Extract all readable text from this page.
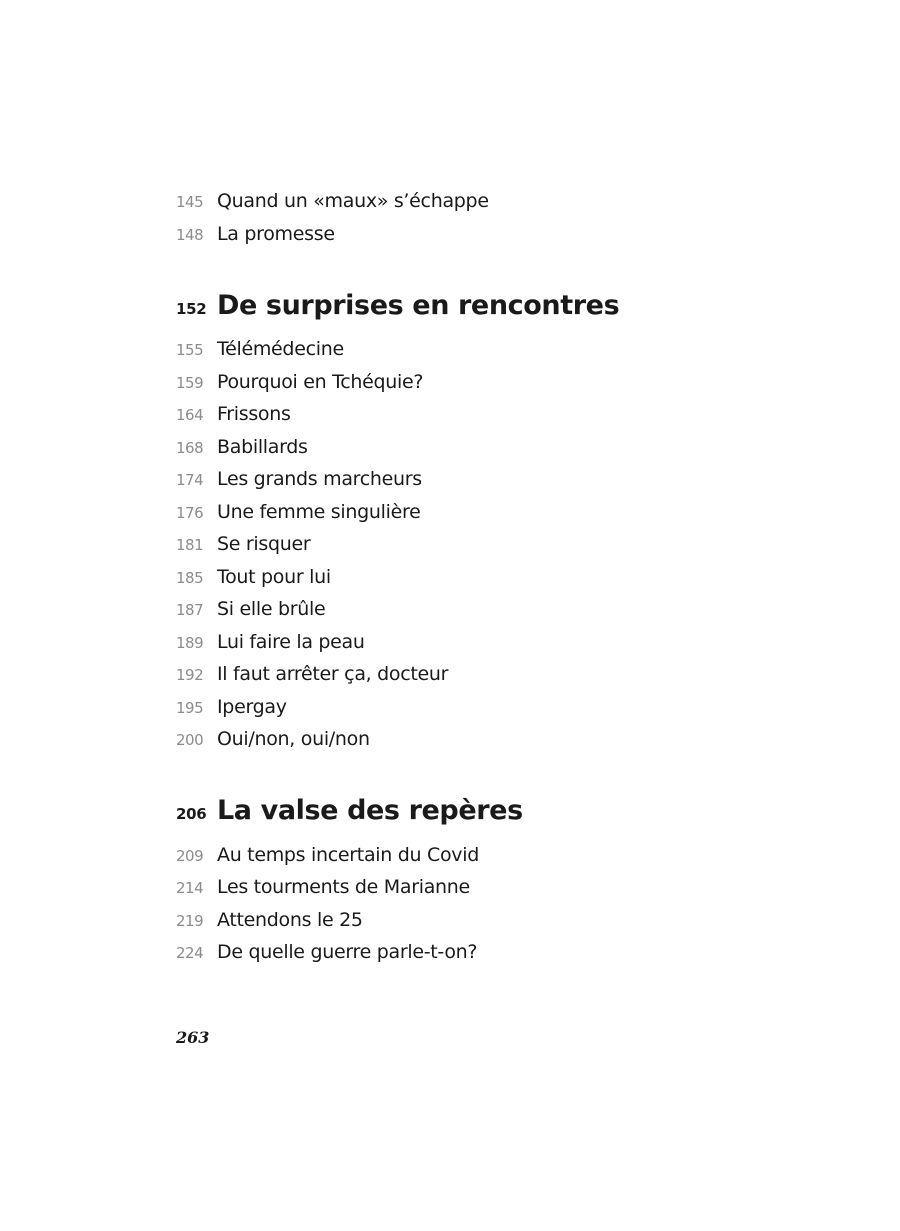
145 Quand un «maux» s’échappe
148 La promesse
152 De surprises en rencontres
155 Télémédecine
159 Pourquoi en Tchéquie?
164 Frissons
168 Babillards
174 Les grands marcheurs
176 Une femme singulière
181 Se risquer
185 Tout pour lui
187 Si elle brûle
189 Lui faire la peau
192 Il faut arrêter ça, docteur
195 Ipergay
200 Oui/non, oui/non
206 La valse des repères
209 Au temps incertain du Covid
214 Les tourments de Marianne
219 Attendons le 25
224 De quelle guerre parle-t-on?
263
